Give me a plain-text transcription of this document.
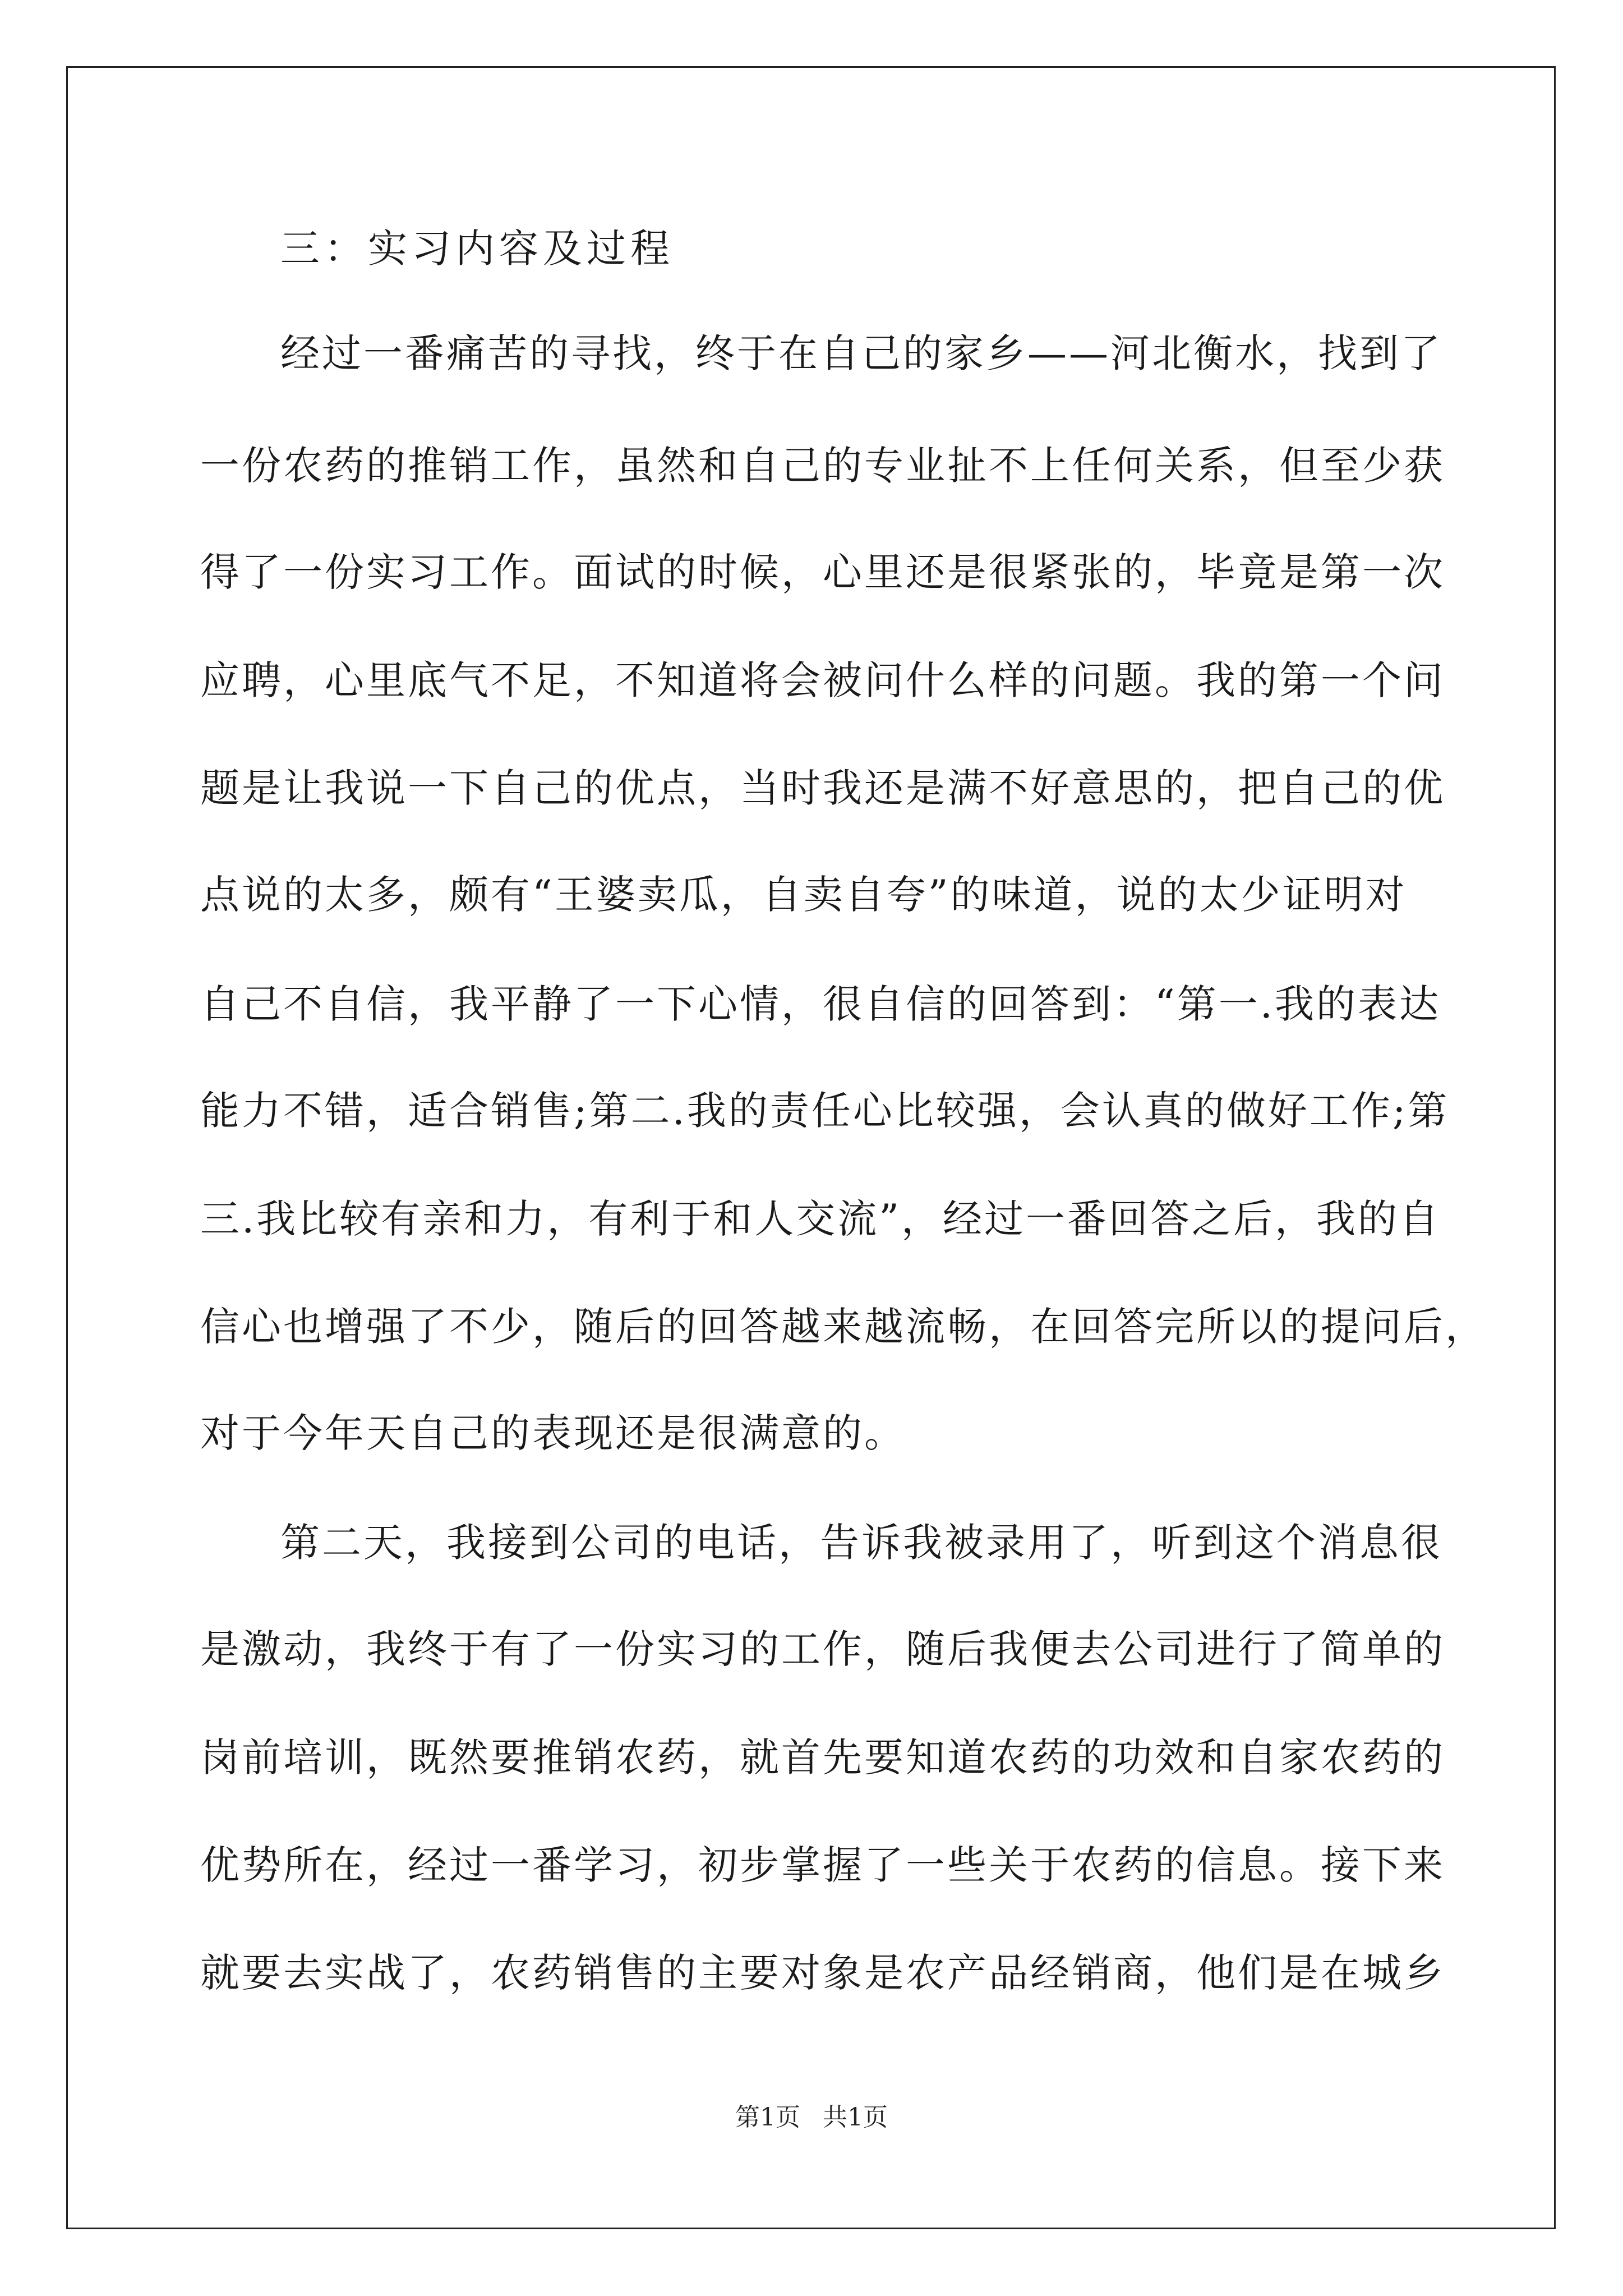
三：实习内容及过程
经过一番痛苦的寻找，终于在自己的家乡——河北衡水，找到了
一份农药的推销工作，虽然和自己的专业扯不上任何关系，但至少获
得了一份实习工作。面试的时候，心里还是很紧张的，毕竟是第一次
应聘，心里底气不足，不知道将会被问什么样的问题。我的第一个问
题是让我说一下自己的优点，当时我还是满不好意思的，把自己的优
点说的太多，颇有“王婆卖瓜，自卖自夸”的味道，说的太少证明对
自己不自信，我平静了一下心情，很自信的回答到：“第一.我的表达
能力不错，适合销售;第二.我的责任心比较强，会认真的做好工作;第
三.我比较有亲和力，有利于和人交流”，经过一番回答之后，我的自
信心也增强了不少，随后的回答越来越流畅，在回答完所以的提问后，
对于今年天自己的表现还是很满意的。
第二天，我接到公司的电话，告诉我被录用了，听到这个消息很
是激动，我终于有了一份实习的工作，随后我便去公司进行了简单的
岗前培训，既然要推销农药，就首先要知道农药的功效和自家农药的
优势所在，经过一番学习，初步掌握了一些关于农药的信息。接下来
就要去实战了，农药销售的主要对象是农产品经销商，他们是在城乡
第1页 共1页
